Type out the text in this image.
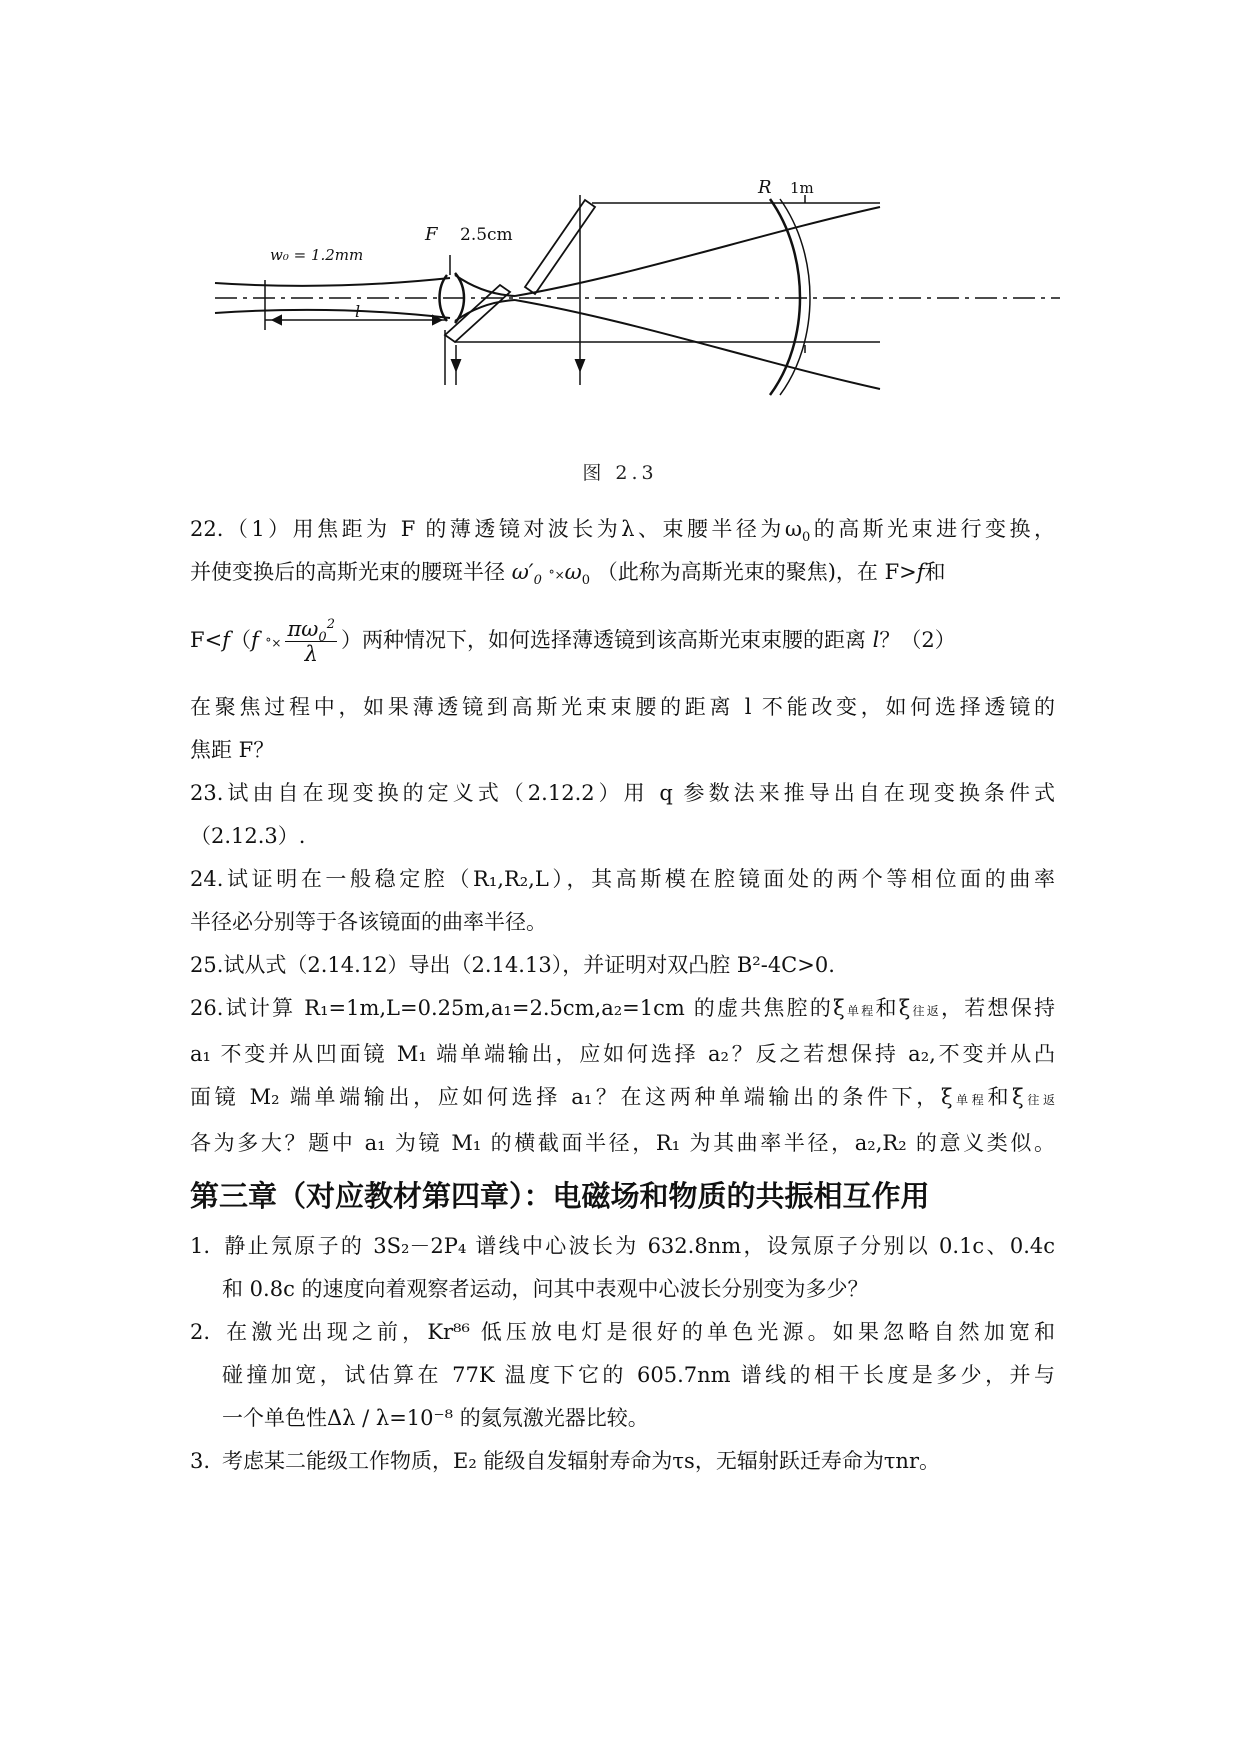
w₀ = 1.2mm
F 2.5cm
R 1m
l
图 2.3
22.（1）用焦距为 F 的薄透镜对波长为λ、束腰半径为$\omega_0$的高斯光束进行变换，
并使变换后的高斯光束的腰斑半径 $\omega'_0$ $^\circ\times\omega_0$ （此称为高斯光束的聚焦)，在 F>f和
F<f（f °× $\frac{\pi\omega_0^2}{\lambda}$ ）两种情况下，如何选择薄透镜到该高斯光束束腰的距离 l？（2）
在聚焦过程中，如果薄透镜到高斯光束束腰的距离 l 不能改变，如何选择透镜的
焦距 F？
23.试由自在现变换的定义式（2.12.2）用 q 参数法来推导出自在现变换条件式
（2.12.3）.
24.试证明在一般稳定腔（R₁,R₂,L），其高斯模在腔镜面处的两个等相位面的曲率
半径必分别等于各该镜面的曲率半径。
25.试从式（2.14.12）导出（2.14.13），并证明对双凸腔 B²-4C>0.
26.试计算 R₁=1m,L=0.25m,a₁=2.5cm,a₂=1cm 的虚共焦腔的ξ单程和ξ往返，若想保持
a₁ 不变并从凹面镜 M₁ 端单端输出，应如何选择 a₂？反之若想保持 a₂,不变并从凸
面镜 M₂ 端单端输出，应如何选择 a₁？在这两种单端输出的条件下，ξ单程和ξ往返
各为多大？题中 a₁ 为镜 M₁ 的横截面半径，R₁ 为其曲率半径，a₂,R₂ 的意义类似。
第三章（对应教材第四章）：电磁场和物质的共振相互作用
1. 静止氖原子的 3S₂－2P₄ 谱线中心波长为 632.8nm，设氖原子分别以 0.1c、0.4c
和 0.8c 的速度向着观察者运动，问其中表观中心波长分别变为多少？
2. 在激光出现之前，Kr⁸⁶ 低压放电灯是很好的单色光源。如果忽略自然加宽和
碰撞加宽，试估算在 77K 温度下它的 605.7nm 谱线的相干长度是多少，并与
一个单色性Δλ / λ=10⁻⁸ 的氦氖激光器比较。
3. 考虑某二能级工作物质，E₂ 能级自发辐射寿命为τs，无辐射跃迁寿命为τnr。
